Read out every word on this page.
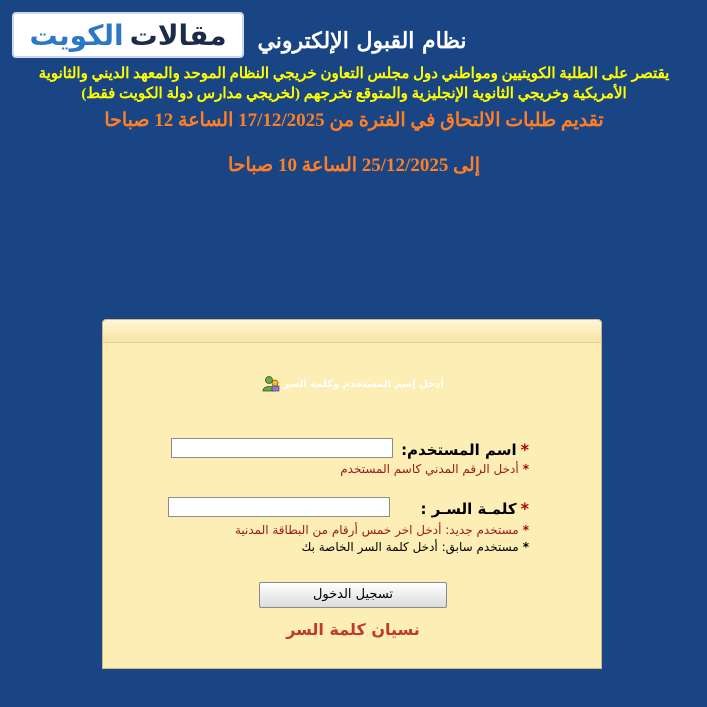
مقالات
الكويت	نظام القبول الإلكتروني
يقتصر على الطلبة الكويتيين ومواطني دول مجلس التعاون خريجي النظام الموحد والمعهد الديني والثانوية
الأمريكية وخريجي الثانوية الإنجليزية والمتوقع تخرجهم (لخريجي مدارس دولة الكويت فقط)
تقديم طلبات الالتحاق في الفترة من 17/12/2025 الساعة 12 صباحا
إلى 25/12/2025 الساعة 10 صباحا
أدخل إسم المستخدم وكلمة السر
*اسم المستخدم:
*أدخل الرقم المدني كاسم المستخدم
*كلمـة السـر :
*مستخدم جديد: أدخل اخر خمس أرقام من البطاقة المدنية
*مستخدم سابق: أدخل كلمة السر الخاصة بك
تسجيل الدخول
نسيان كلمة السر
